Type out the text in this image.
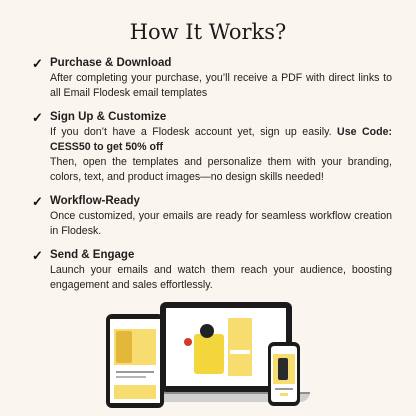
How It Works?
✓ Purchase & Download
After completing your purchase, you’ll receive a PDF with direct links to all Email Flodesk email templates
✓ Sign Up & Customize
If you don’t have a Flodesk account yet, sign up easily. Use Code: CESS50 to get 50% off
Then, open the templates and personalize them with your branding, colors, text, and product images—no design skills needed!
✓ Workflow-Ready
Once customized, your emails are ready for seamless workflow creation in Flodesk.
✓ Send & Engage
Launch your emails and watch them reach your audience, boosting engagement and sales effortlessly.
